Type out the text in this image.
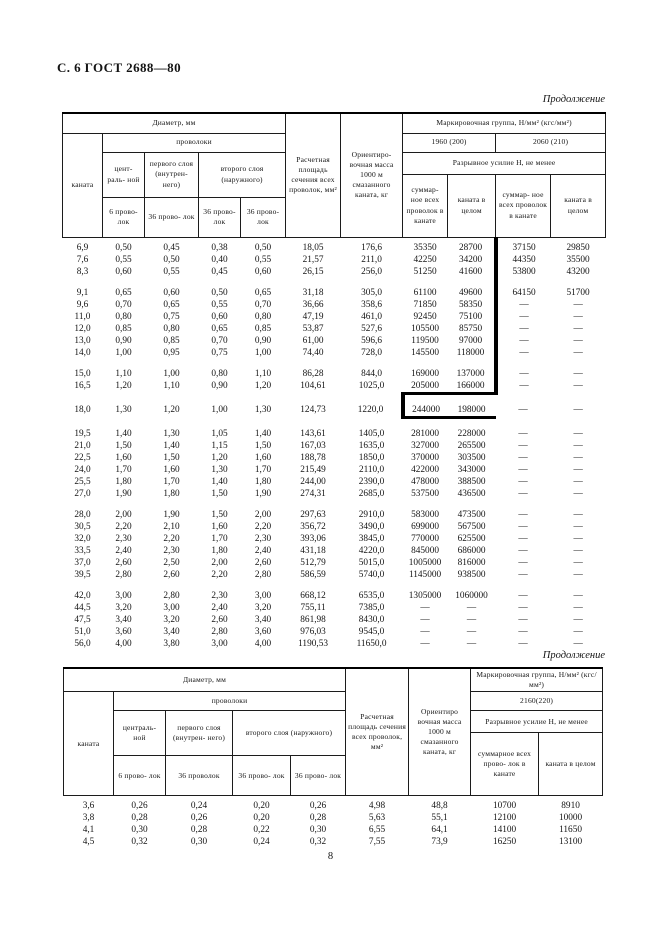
С. 6 ГОСТ 2688—80
Продолжение
Диаметр, мм					Расчетная площадь сечения всех проволок, мм²	Ориентиро- вочная масса 1000 м смазанного каната, кг	Маркировочная группа, Н/мм² (кгс/мм²)			
каната	проволоки						1960 (200)		2060 (210)	
	цент- раль- ной	первого слоя (внутрен- него)	второго слоя (наружного)				Разрывное усилие Н, не менее			
							суммар- ное всех проволок в канате	каната в целом	суммар- ное всех проволок в канате	каната в целом
	6 прово- лок	36 прово- лок	36 прово- лок	36 прово- лок						
6,9	0,50	0,45	0,38	0,50	18,05	176,6	35350	28700	37150	29850
7,6	0,55	0,50	0,40	0,55	21,57	211,0	42250	34200	44350	35500
8,3	0,60	0,55	0,45	0,60	26,15	256,0	51250	41600	53800	43200

9,1	0,65	0,60	0,50	0,65	31,18	305,0	61100	49600	64150	51700
9,6	0,70	0,65	0,55	0,70	36,66	358,6	71850	58350	—	—
11,0	0,80	0,75	0,60	0,80	47,19	461,0	92450	75100	—	—
12,0	0,85	0,80	0,65	0,85	53,87	527,6	105500	85750	—	—
13,0	0,90	0,85	0,70	0,90	61,00	596,6	119500	97000	—	—
14,0	1,00	0,95	0,75	1,00	74,40	728,0	145500	118000	—	—

15,0	1,10	1,00	0,80	1,10	86,28	844,0	169000	137000	—	—
16,5	1,20	1,10	0,90	1,20	104,61	1025,0	205000	166000	—	—

18,0	1,30	1,20	1,00	1,30	124,73	1220,0	244000	198000	—	—

19,5	1,40	1,30	1,05	1,40	143,61	1405,0	281000	228000	—	—
21,0	1,50	1,40	1,15	1,50	167,03	1635,0	327000	265500	—	—
22,5	1,60	1,50	1,20	1,60	188,78	1850,0	370000	303500	—	—
24,0	1,70	1,60	1,30	1,70	215,49	2110,0	422000	343000	—	—
25,5	1,80	1,70	1,40	1,80	244,00	2390,0	478000	388500	—	—
27,0	1,90	1,80	1,50	1,90	274,31	2685,0	537500	436500	—	—

28,0	2,00	1,90	1,50	2,00	297,63	2910,0	583000	473500	—	—
30,5	2,20	2,10	1,60	2,20	356,72	3490,0	699000	567500	—	—
32,0	2,30	2,20	1,70	2,30	393,06	3845,0	770000	625500	—	—
33,5	2,40	2,30	1,80	2,40	431,18	4220,0	845000	686000	—	—
37,0	2,60	2,50	2,00	2,60	512,79	5015,0	1005000	816000	—	—
39,5	2,80	2,60	2,20	2,80	586,59	5740,0	1145000	938500	—	—

42,0	3,00	2,80	2,30	3,00	668,12	6535,0	1305000	1060000	—	—
44,5	3,20	3,00	2,40	3,20	755,11	7385,0	—	—	—	—
47,5	3,40	3,20	2,60	3,40	861,98	8430,0	—	—	—	—
51,0	3,60	3,40	2,80	3,60	976,03	9545,0	—	—	—	—
56,0	4,00	3,80	3,00	4,00	1190,53	11650,0	—	—	—	—
Продолжение
Диаметр, мм					Расчетная площадь сечения всех проволок, мм²	Ориентиро вочная масса 1000 м смазанного каната, кг	Маркировочная группа, Н/мм² (кгс/мм²)	
каната	проволоки						2160(220)	
	централь- ной	первого слоя (внутрен- него)	второго слоя (наружного)				Разрывное усилие Н, не менее	
							суммарное всех прово- лок в канате	каната в целом
	6 прово- лок	36 проволок	36 прово- лок	36 прово- лок				
3,6	0,26	0,24	0,20	0,26	4,98	48,8	10700	8910
3,8	0,28	0,26	0,20	0,28	5,63	55,1	12100	10000
4,1	0,30	0,28	0,22	0,30	6,55	64,1	14100	11650
4,5	0,32	0,30	0,24	0,32	7,55	73,9	16250	13100
8
